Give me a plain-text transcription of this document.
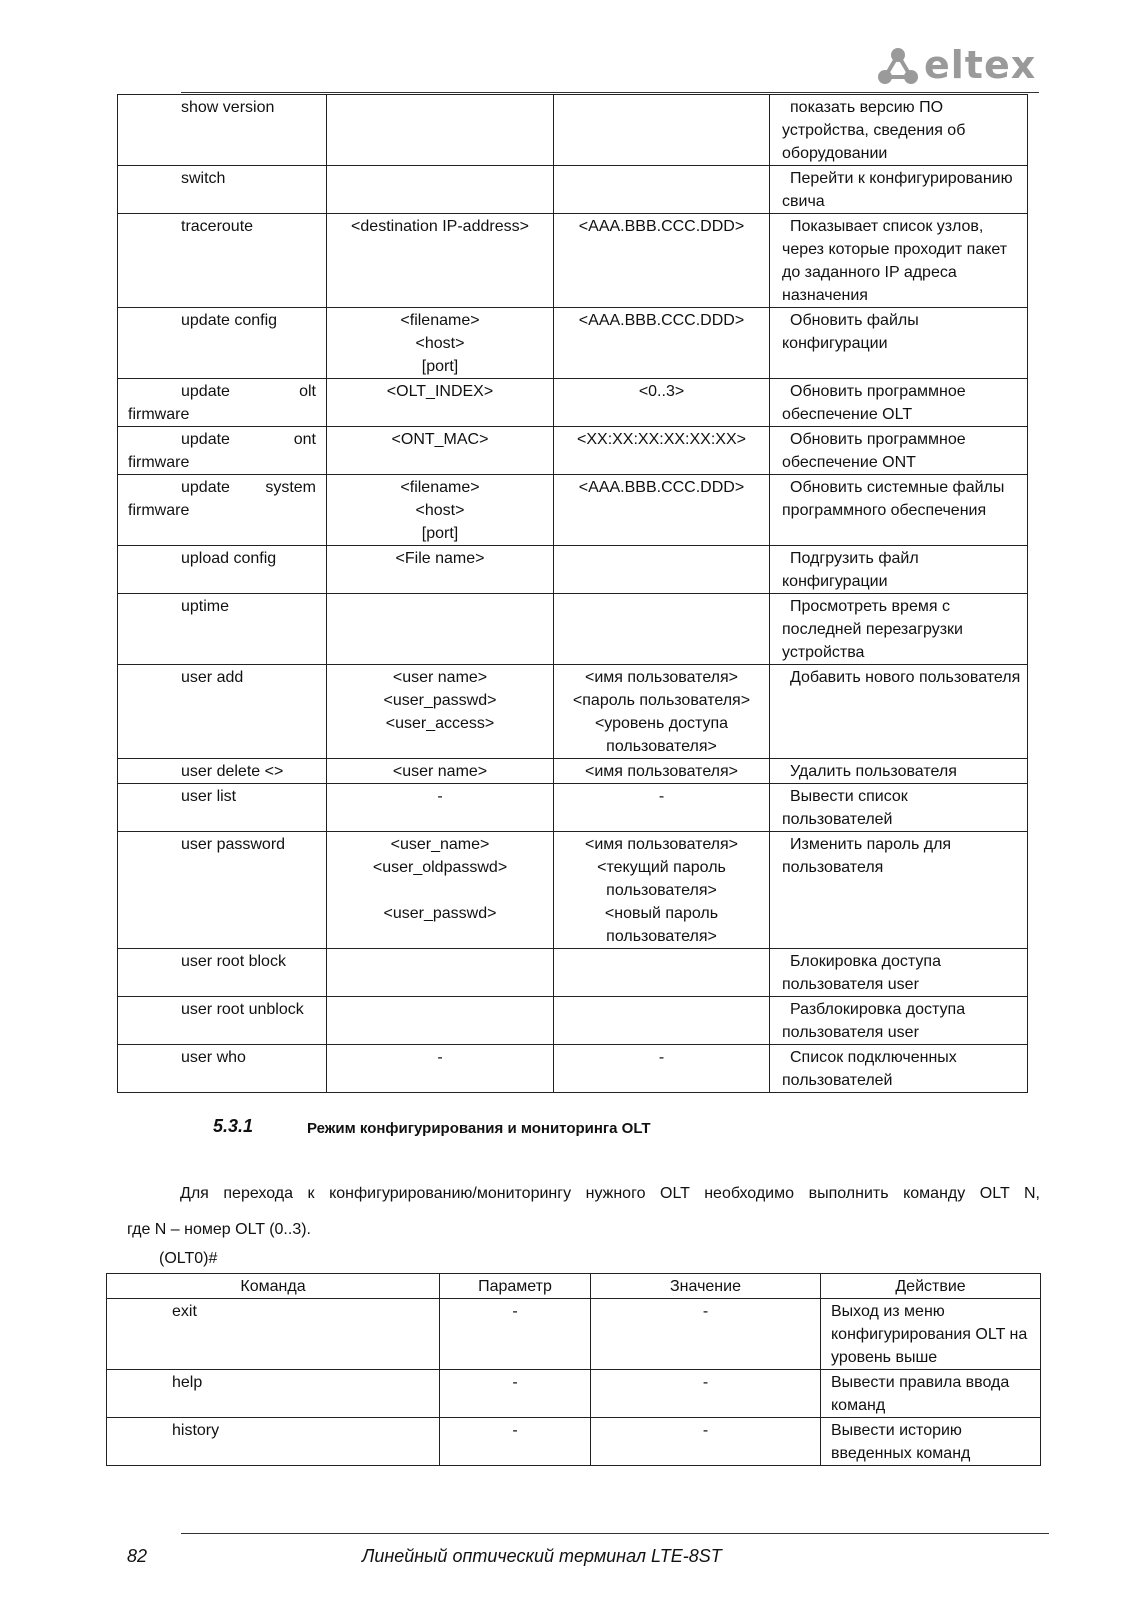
eltex
show version			показать версию ПО устройства, сведения об оборудовании

switch			Перейти к конфигурированию свича

traceroute	<destination IP-address>	<AAA.BBB.CCC.DDD>	Показывает список узлов, через которые проходит пакет до заданного IP адреса назначения

update config	<filename>
<host>
[port]	<AAA.BBB.CCC.DDD>	Обновить файлы конфигурации

update olt firmware	<OLT_INDEX>	<0..3>	Обновить программное обеспечение OLT

update ont firmware	<ONT_MAC>	<XX:XX:XX:XX:XX:XX>	Обновить программное обеспечение ONT

update system firmware	<filename>
<host>
[port]	<AAA.BBB.CCC.DDD>	Обновить системные файлы программного обеспечения

upload config	<File name>		Подгрузить файл конфигурации

uptime			Просмотреть время с последней перезагрузки устройства

user add	<user name>
<user_passwd>
<user_access>	<имя пользователя>
<пароль пользователя>
<уровень доступа пользователя>	Добавить нового пользователя

user delete <>	<user name>	<имя пользователя>	Удалить пользователя

user list	-	-	Вывести список пользователей

user password	<user_name>
<user_oldpasswd>

<user_passwd>	<имя пользователя>
<текущий пароль пользователя>
<новый пароль пользователя>	Изменить пароль для пользователя

user root block			Блокировка доступа пользователя user

user root unblock			Разблокировка доступа пользователя user

user who	-	-	Список подключенных пользователей
5.3.1	Режим конфигурирования и мониторинга OLT
Для перехода к конфигурированию/мониторингу нужного OLT необходимо выполнить команду OLT N,
где N – номер OLT (0..3).
(OLT0)#
Команда	Параметр	Значение	Действие
exit	-	-	Выход из меню конфигурирования OLT на уровень выше
help	-	-	Вывести правила ввода команд
history	-	-	Вывести историю введенных команд
82	Линейный оптический терминал LTE-8ST
